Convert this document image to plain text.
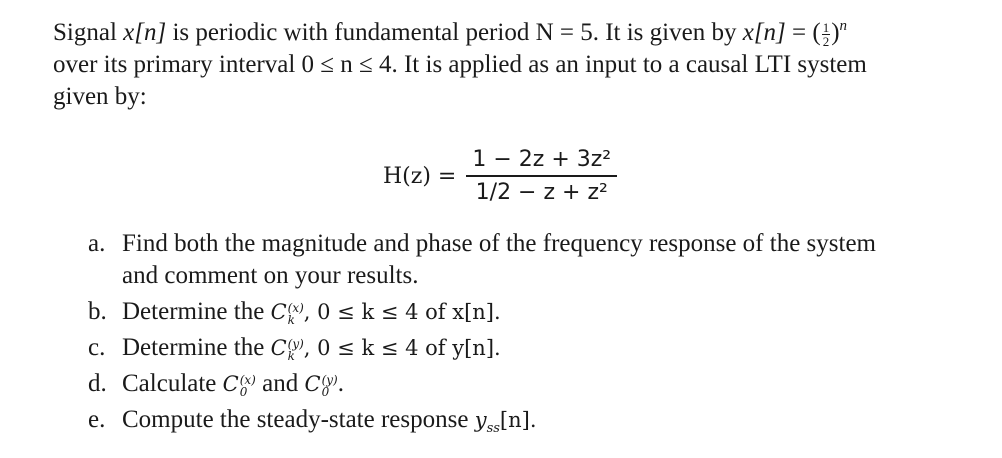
Signal x[n] is periodic with fundamental period N = 5. It is given by x[n] = ( $\frac{1}{2} )^n$
over its primary interval 0 ≤ n ≤ 4. It is applied as an input to a causal LTI system
given by:
$H(z) = \frac{\text{1 − 2z + 3z²}}{\text{1/2 − z + z²}}$
a. Find both the magnitude and phase of the frequency response of the system
and comment on your results.
b. Determine the C (x)
k , 0 ≤ k ≤ 4 of x[n].
c. Determine the C (y)
k , 0 ≤ k ≤ 4 of y[n].
d. Calculate C (x)
0 and C (y)
0 .
e. Compute the steady-state response $y_{ss}[n]$.
